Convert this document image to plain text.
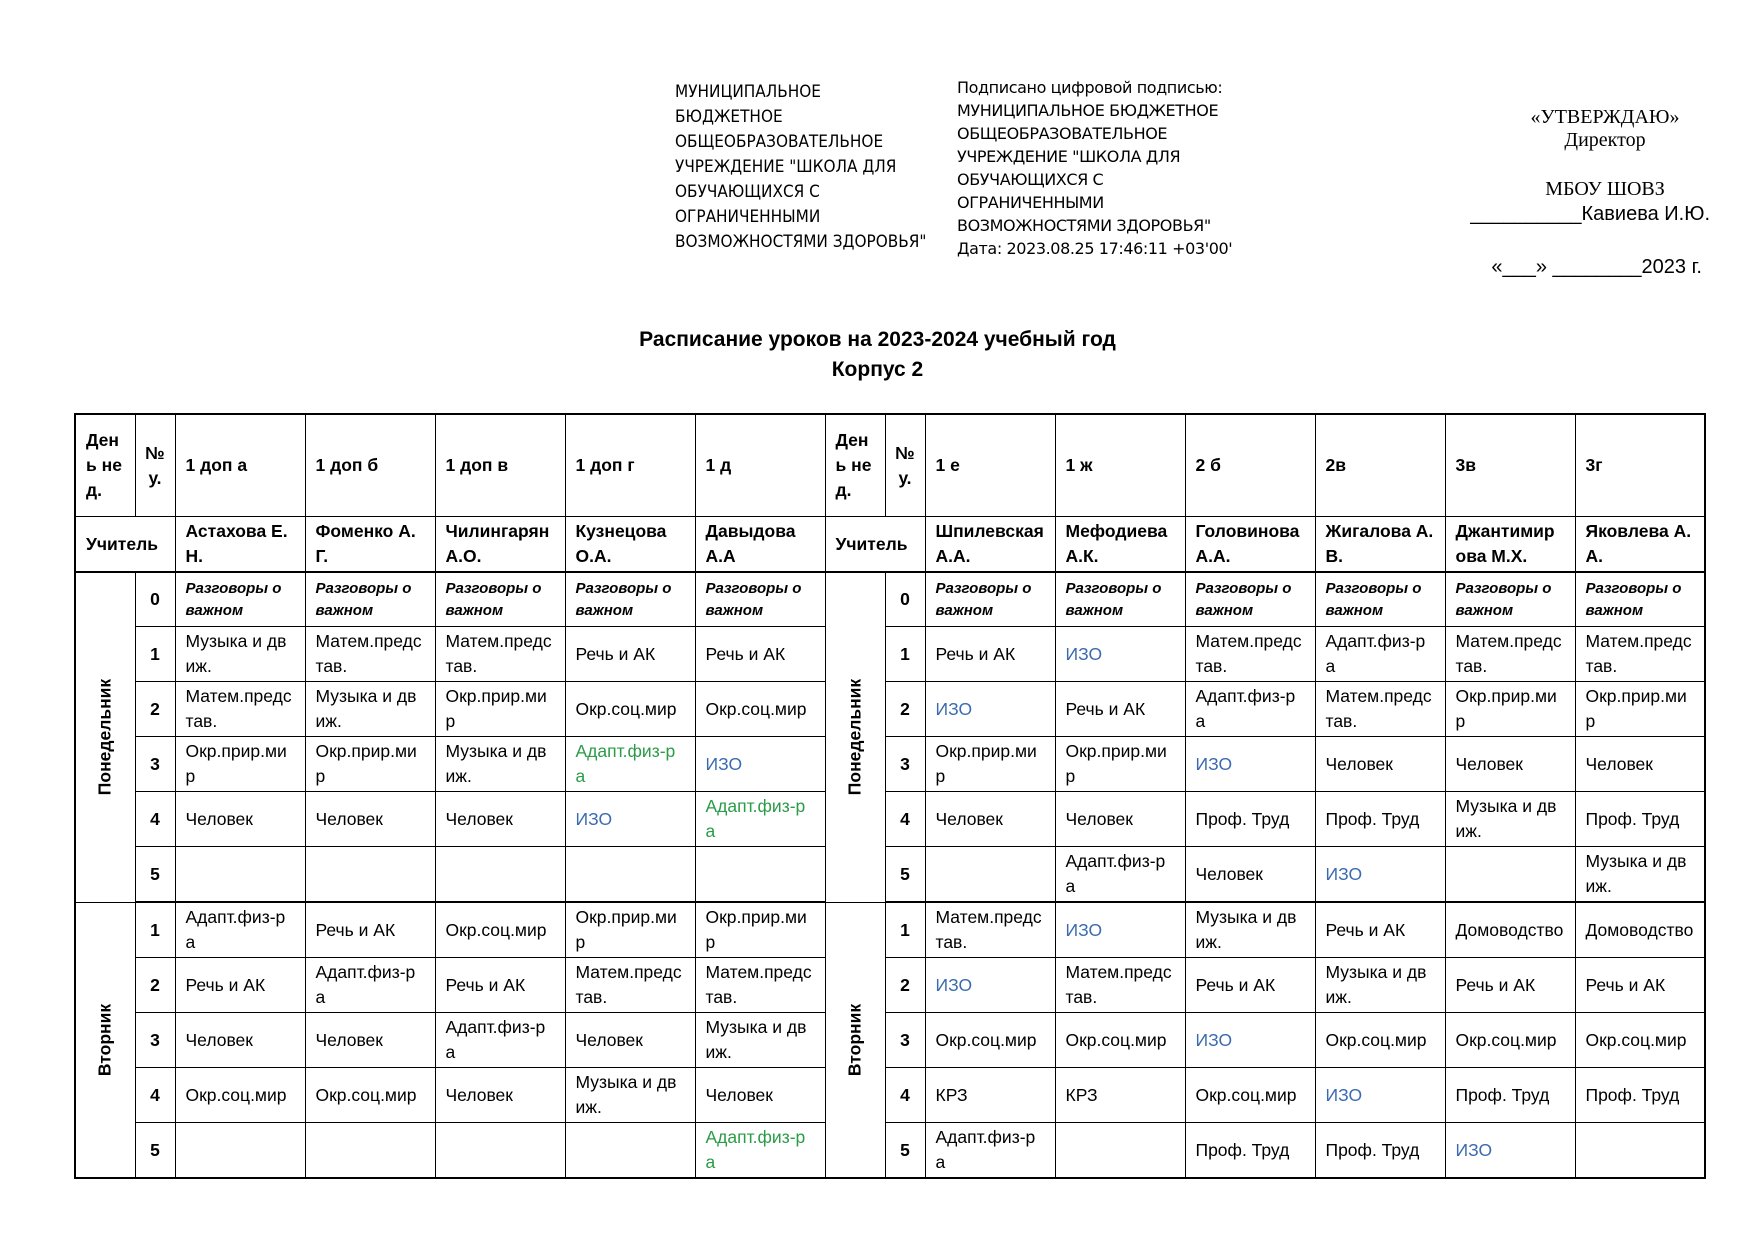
МУНИЦИПАЛЬНОЕ
БЮДЖЕТНОЕ
ОБЩЕОБРАЗОВАТЕЛЬНОЕ
УЧРЕЖДЕНИЕ "ШКОЛА ДЛЯ
ОБУЧАЮЩИХСЯ С
ОГРАНИЧЕННЫМИ
ВОЗМОЖНОСТЯМИ ЗДОРОВЬЯ"
Подписано цифровой подписью:
МУНИЦИПАЛЬНОЕ БЮДЖЕТНОЕ
ОБЩЕОБРАЗОВАТЕЛЬНОЕ
УЧРЕЖДЕНИЕ "ШКОЛА ДЛЯ
ОБУЧАЮЩИХСЯ С
ОГРАНИЧЕННЫМИ
ВОЗМОЖНОСТЯМИ ЗДОРОВЬЯ"
Дата: 2023.08.25 17:46:11 +03'00'
«УТВЕРЖДАЮ»
Директор
МБОУ ШОВЗ
__________Кавиева И.Ю.
«___» ________2023 г.
Расписание уроков на 2023-2024 учебный год
Корпус 2
День нед.	№ у.	1 доп а	1 доп б	1 доп в	1 доп г	1 д	День нед.	№ у.	1 е	1 ж	2 б	2в	3в	3г
Учитель		Астахова Е.Н.	Фоменко А.Г.	Чилингарян А.О.	Кузнецова О.А.	Давыдова А.А	Учитель		Шпилевская А.А.	Мефодиева А.К.	Головинова А.А.	Жигалова А.В.	Джантимирова М.Х.	Яковлева А. А.

Понедельник	0	Разговоры о важном	Разговоры о важном	Разговоры о важном	Разговоры о важном	Разговоры о важном	Понедельник	0	Разговоры о важном	Разговоры о важном	Разговоры о важном	Разговоры о важном	Разговоры о важном	Разговоры о важном
	1	Музыка и движ.	Матем.представ.	Матем.представ.	Речь и АК	Речь и АК		1	Речь и АК	ИЗО	Матем.представ.	Адапт.физ-ра	Матем.представ.	Матем.представ.
	2	Матем.представ.	Музыка и движ.	Окр.прир.мир	Окр.соц.мир	Окр.соц.мир		2	ИЗО	Речь и АК	Адапт.физ-ра	Матем.представ.	Окр.прир.мир	Окр.прир.мир
	3	Окр.прир.мир	Окр.прир.мир	Музыка и движ.	Адапт.физ-ра	ИЗО		3	Окр.прир.мир	Окр.прир.мир	ИЗО	Человек	Человек	Человек
	4	Человек	Человек	Человек	ИЗО	Адапт.физ-ра		4	Человек	Человек	Проф. Труд	Проф. Труд	Музыка и движ.	Проф. Труд
	5							5		Адапт.физ-ра	Человек	ИЗО		Музыка и движ.

Вторник	1	Адапт.физ-ра	Речь и АК	Окр.соц.мир	Окр.прир.мир	Окр.прир.мир	Вторник	1	Матем.представ.	ИЗО	Музыка и движ.	Речь и АК	Домоводство	Домоводство
	2	Речь и АК	Адапт.физ-ра	Речь и АК	Матем.представ.	Матем.представ.		2	ИЗО	Матем.представ.	Речь и АК	Музыка и движ.	Речь и АК	Речь и АК
	3	Человек	Человек	Адапт.физ-ра	Человек	Музыка и движ.		3	Окр.соц.мир	Окр.соц.мир	ИЗО	Окр.соц.мир	Окр.соц.мир	Окр.соц.мир
	4	Окр.соц.мир	Окр.соц.мир	Человек	Музыка и движ.	Человек		4	КРЗ	КРЗ	Окр.соц.мир	ИЗО	Проф. Труд	Проф. Труд
	5					Адапт.физ-ра		5	Адапт.физ-ра		Проф. Труд	Проф. Труд	ИЗО	
